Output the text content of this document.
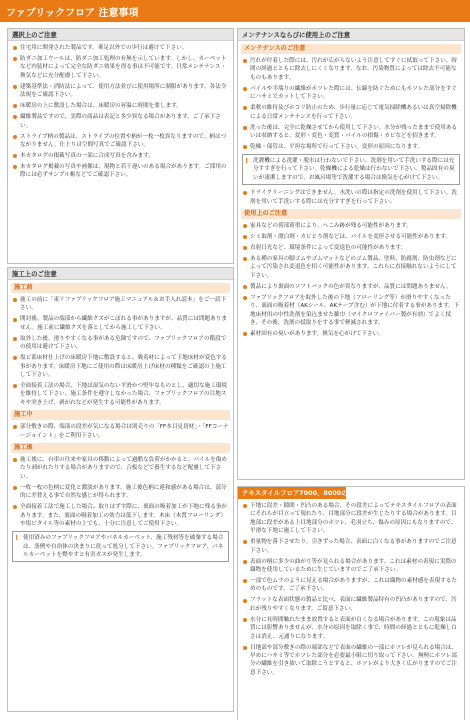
ファブリックフロア 注意事項
選択上のご注意
住宅用に開発された製品です。乗足以外での歩行は避けて下さい。
防ダニ加工ウールは、防ダニ加工処理の有無を示しています。しかし、カーペットなど内装材によって完全な防ダニ効果を得る事は不可能です。日常メンテナンス・換気などに充分配慮して下さい。
建築基準法・消防法によって、使用方法並びに使用場所に制限があります。各法令法規をご確認下さい。
床暖房の上に敷設した場合は、床暖房の昇温に時間を要します。
繊維製品ですので、実際の商品は表記と多少異なる場合があります。ご了承下さい。
ストライプ柄の製品は、ストライプの位置や柄が一枚一枚異なりますので、柄はつながりません。仕上りは空間写真でご確認下さい。
本カタログの掲載写真の一部に合成写真を含みます。
本カタログ掲載の写真や画像は、現物と若干違いのある場合があります。ご採用の際には必ずサンプル帳などでご確認下さい。
施工上のご注意
施工前
施工の前に「東リファブリックフロア施工マニュアル＆お手入れ読本」をご一読下さい。
開封後、製品の端部から繊維クズがこぼれる事がありますが、品質には問題ありません。施工前に繊維クズを落としてから施工して下さい。
取外した後、滑りやすくなる事がある危険ですので、ファブリックフロアの階段での使用は避けて下さい。
塩ビ系床材仕上げの床暖房下地に敷設すると、吸着材によって下地床材が変色する事があります。床暖房下地にご使用の際は床暖房上げ床材の種類をご確認の上施工して下さい。
全面接着工法の場合、下地は湿気のない平滑かつ堅牢なものとし、適切な施工環境を維持して下さい。施工条件を遵守しなかった場合、ファブリックフロアの目地スキや突き上げ、剥がれなどが発生する可能性があります。
施工中
部分敷きの際、端部の段差が気になる場合は別売りの「FF本目見切材」・「FFコーナージョイント」をご利用下さい。
施工後
施工後に、台車の往来や家具の移動によって過酷な負荷がかかると、パイルを傷めたり剥がれたりする場合がありますので、合板などで養生するなど配慮して下さい。
一枚一枚の色柄に変化と濃淡があります。施工後色柄に違和感がある場合は、部分的に差替える事で自然な感じが得られます。
全面接着工法で施工した場合、取りはずす際に、裏面の吸着加工が下地に残る事があります。また、裏面の吸着加工の効力は低下します。木床（木質フローリング）や塩ビタイル等の素材の上でも、十分に注意してご使用下さい。
! 使用済みのファブリックフロアやパネルカーペット、施工残材等を破棄する場合は、条例や自治体の決まりに従って処分して下さい。ファブリックフロア、パネルカーペットを燃やすと有害ガスが発生します。
メンテナンスならびに使用上のご注意
メンテナンスのご注意
汚れが付着した際には、汚れが広がらないよう注意してすぐに拭取って下さい。時間の経過とともに除去しにくくなります。なお、汚染物質によっては除去不可能なものもあります。
パイルや半端りの繊維がホツレた際には、伝線を防ぐためにもホツレた部分をすぐにハサミでカットして下さい。
柔軟の維持及びホコリ防止のため、歩行量に応じて電気掃除機あるいは真空掃除機による日常メンテナンスを行って下さい。
洗った後は、完全に乾燥させてから使用して下さい。水分が残ったままで使用あるいは収納すると、変形・変色・変質・パイルの損傷・カビなどを招きます。
乾燥・保管は、平坦な場所で行って下さい。変形の原因になります。
! 洗濯機による洗濯・脱水は行わないで下さい。洗剤を用いて手洗いする際には充分すすぎを行って下さい。乾燥機による乾燥は行わないで下さい。製品固有の臭いが凄潔しますので、お風呂場等で洗濯する場合は換気を心がけて下さい。
ドライクリーニングはできません。水洗いの際は指定の洗剤を使用して下さい。洗剤を用いて手洗いする際には充分すすぎを行って下さい。
使用上のご注意
家具などの荷部荷重により、へこみ跡が残る可能性があります。
シミ取剤・漂白剤・カビとり剤などは、パイルを変形させる可能性があります。
直射日光など、環境条件によって変退色の可能性があります。
ある種の家具の脚ゴムやゴムマットなどのゴム製品、塗料、防腐剤、防虫剤などによって汚染され変退色を招く可能性があります。これらに直接触れないようにして下さい。
製品により裏面のソフトバックの色が異なりますが、品質には問題ありません。
ファブリックフロアを取外した後の下地（フローリング等）が滑りやすくなったり、裏面の吸着材（AKシール、AKテープ含む）が下地に付着する事があります。下地床材用の中性洗剤を染込ませた雑巾（マイクロファイバー製が有効）でよく拭き、その後、洗剤の拭取りをする事で軽減されます。
素材固有の臭いがあります。換気を心がけて下さい。
テキスタイルフロア7000、8000のご注意
下地に段差・隙間・凹凸のある場合、その段差によってテキスタイルフロアの表面にそれらが目立って現れたり、目地部分に段差が生じたりする場合があります。目地部に段差がある上目地部分のホツレ、毛羽立ち、傷みの原因にもなりますので、平滑な下地に施工して下さい。
重量物を落下させたり、引きずった場合、表面に白くなる事がありますのでご注意下さい。
表面の柄に多少の曲がり等が見られる場合があります。これは素材の表現に実際の織物を使用しているために生じていますのでご了承下さい。
一部で色ムラのように見える場合がありますが、これは織物の素材感を表現するためのものです。ご了承下さい。
フラットな表面状態の製品と比べ、表面に繊維製品特有の凹凸がありますので、汚れが残りやすくなります。ご留意下さい。
水分に長時間触れたまま放置すると表面が白くなる場合があります。この現象は品質には影響ありませんが、水分の原因を取除く事で、時間の経過とともに乾燥し白さは消え、元通りになります。
目地部や部分敷きの際の端部などで表面の繊維の一部にホツレが見られる場合は、早めにハサミ等でホツレた部分を必要最小限に切り取って下さい。無理にホツレ部分の繊維を引き抜いて取除こうとすると、ホツレがより大きく広がりますのでご注意下さい。
